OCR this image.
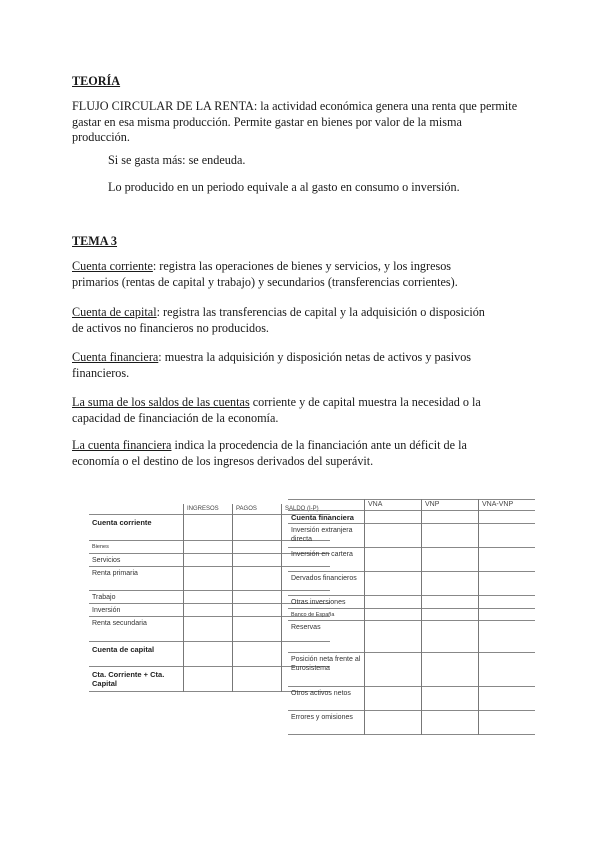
TEORÍA
FLUJO CIRCULAR DE LA RENTA: la actividad económica genera una renta que permite
gastar en esa misma producción. Permite gastar en bienes por valor de la misma
producción.
Si se gasta más: se endeuda.
Lo producido en un periodo equivale a al gasto en consumo o inversión.
TEMA 3
Cuenta corriente: registra las operaciones de bienes y servicios, y los ingresos
primarios (rentas de capital y trabajo) y secundarios (transferencias corrientes).
Cuenta de capital: registra las transferencias de capital y la adquisición o disposición
de activos no financieros no producidos.
Cuenta financiera: muestra la adquisición y disposición netas de activos y pasivos
financieros.
La suma de los saldos de las cuentas corriente y de capital muestra la necesidad o la
capacidad de financiación de la economía.
La cuenta financiera indica la procedencia de la financiación ante un déficit de la
economía o el destino de los ingresos derivados del superávit.
	INGRESOS	PAGOS	SALDO (I-P)
Cuenta corriente			
Bienes			
Servicios			
Renta primaria			
Trabajo			
Inversión			
Renta secundaria			
Cuenta de capital			
Cta. Corriente + Cta. Capital			
	VNA	VNP	VNA-VNP
Cuenta financiera			
Inversión extranjera directa			
Inversión en cartera			
Dervados financieros			
Otras inversiones			
Banco de España			
Reservas			
Posición neta frente al Eurosistema			
Otros activos netos			
Errores y omisiones			
